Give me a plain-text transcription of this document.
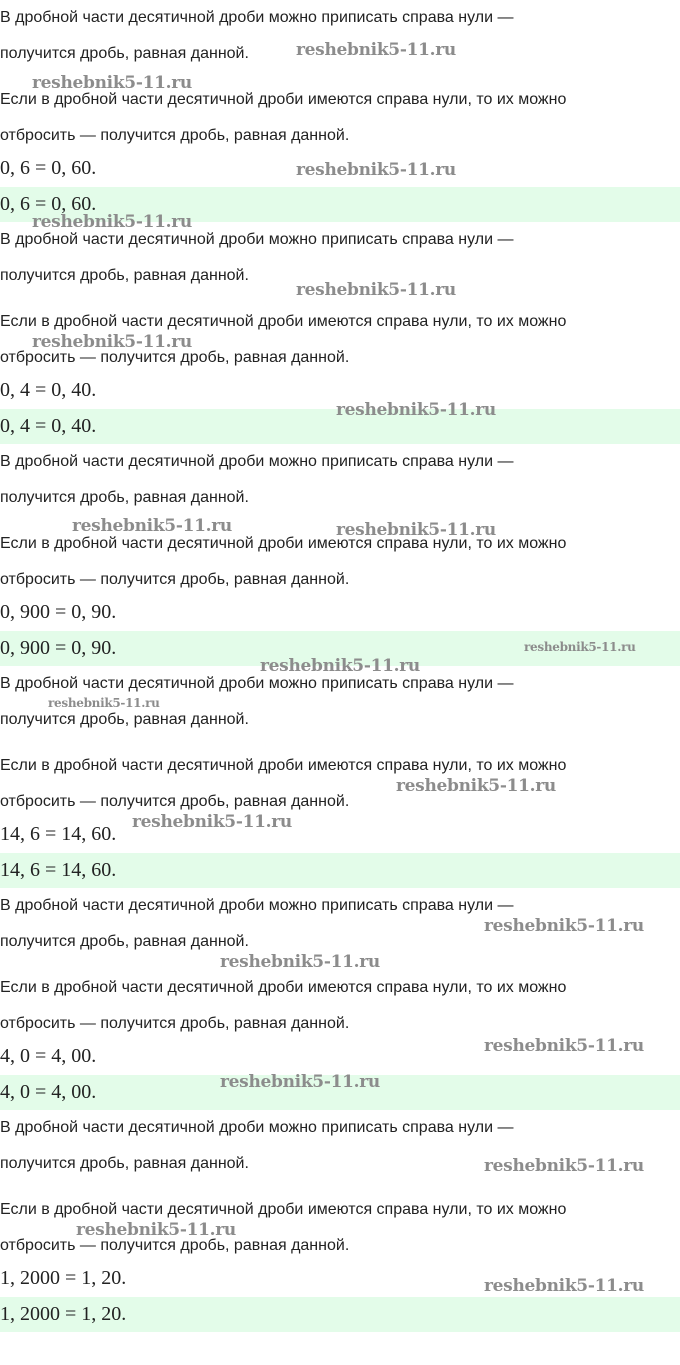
В дробной части десятичной дроби можно приписать справа нули —
получится дробь, равная данной.
Если в дробной части десятичной дроби имеются справа нули, то их можно
отбросить — получится дробь, равная данной.
0, 6 = 0, 60.
0, 6 = 0, 60.
В дробной части десятичной дроби можно приписать справа нули —
получится дробь, равная данной.
Если в дробной части десятичной дроби имеются справа нули, то их можно
отбросить — получится дробь, равная данной.
0, 4 = 0, 40.
0, 4 = 0, 40.
В дробной части десятичной дроби можно приписать справа нули —
получится дробь, равная данной.
Если в дробной части десятичной дроби имеются справа нули, то их можно
отбросить — получится дробь, равная данной.
0, 900 = 0, 90.
0, 900 = 0, 90.
В дробной части десятичной дроби можно приписать справа нули —
получится дробь, равная данной.
Если в дробной части десятичной дроби имеются справа нули, то их можно
отбросить — получится дробь, равная данной.
14, 6 = 14, 60.
14, 6 = 14, 60.
В дробной части десятичной дроби можно приписать справа нули —
получится дробь, равная данной.
Если в дробной части десятичной дроби имеются справа нули, то их можно
отбросить — получится дробь, равная данной.
4, 0 = 4, 00.
4, 0 = 4, 00.
В дробной части десятичной дроби можно приписать справа нули —
получится дробь, равная данной.
Если в дробной части десятичной дроби имеются справа нули, то их можно
отбросить — получится дробь, равная данной.
1, 2000 = 1, 20.
1, 2000 = 1, 20.
reshebnik5-11.ru
reshebnik5-11.ru
reshebnik5-11.ru
reshebnik5-11.ru
reshebnik5-11.ru
reshebnik5-11.ru
reshebnik5-11.ru
reshebnik5-11.ru	reshebnik5-11.ru
reshebnik5-11.ru
reshebnik5-11.ru
reshebnik5-11.ru
reshebnik5-11.ru
reshebnik5-11.ru
reshebnik5-11.ru
reshebnik5-11.ru
reshebnik5-11.ru
reshebnik5-11.ru
reshebnik5-11.ru
reshebnik5-11.ru
reshebnik5-11.ru
